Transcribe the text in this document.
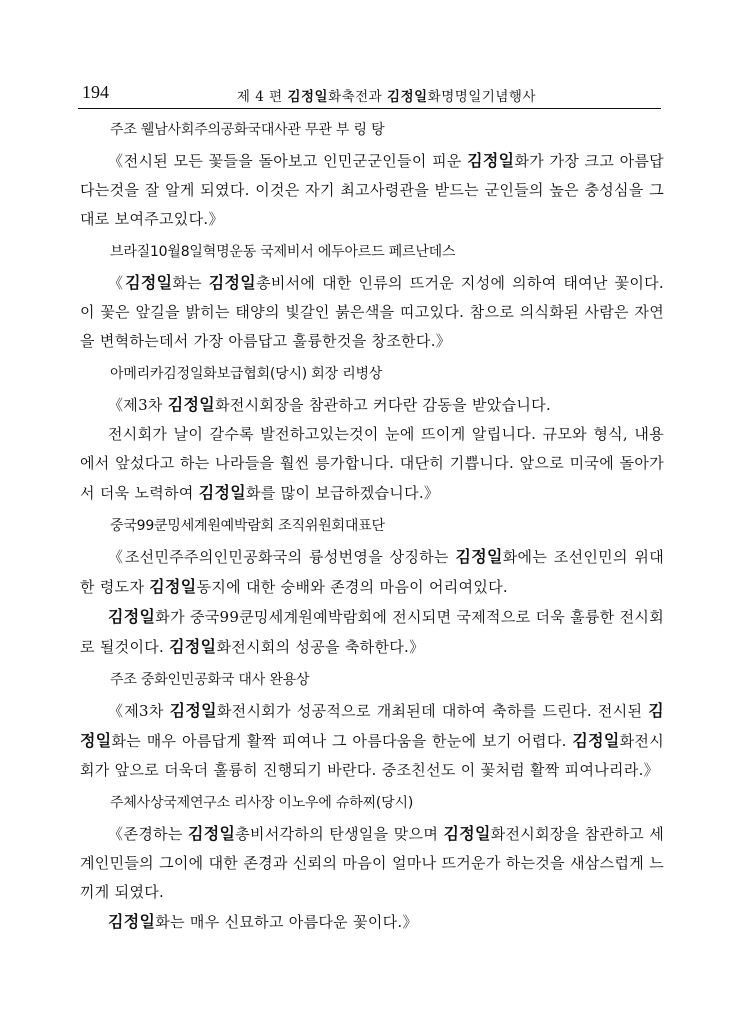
194	제 4 편 김정일화축전과 김정일화명명일기념행사
주조 웰남사회주의공화국대사관 무관 부 링 탕

《전시된 모든 꽃들을 돌아보고 인민군군인들이 피운 김정일화가 가장 크고 아름답다는것을 잘 알게 되였다. 이것은 자기 최고사령관을 받드는 군인들의 높은 충성심을 그대로 보여주고있다.》

브라질10월8일혁명운동 국제비서 에두아르드 페르난데스

《김정일화는 김정일총비서에 대한 인류의 뜨거운 지성에 의하여 태여난 꽃이다. 이 꽃은 앞길을 밝히는 태양의 빛갈인 붉은색을 띠고있다. 참으로 의식화된 사람은 자연을 변혁하는데서 가장 아름답고 훌륭한것을 창조한다.》

아메리카김정일화보급협회(당시) 회장 리병상

《제3차 김정일화전시회장을 참관하고 커다란 감동을 받았습니다.

전시회가 날이 갈수록 발전하고있는것이 눈에 뜨이게 알립니다. 규모와 형식, 내용에서 앞섰다고 하는 나라들을 훨씬 릉가합니다. 대단히 기쁩니다. 앞으로 미국에 돌아가서 더욱 노력하여 김정일화를 많이 보급하겠습니다.》

중국99쿤밍세계원예박람회 조직위원회대표단

《조선민주주의인민공화국의 륭성번영을 상징하는 김정일화에는 조선인민의 위대한 령도자 김정일동지에 대한 숭배와 존경의 마음이 어리여있다.

김정일화가 중국99쿤밍세계원예박람회에 전시되면 국제적으로 더욱 훌륭한 전시회로 될것이다. 김정일화전시회의 성공을 축하한다.》

주조 중화인민공화국 대사 완용상

《제3차 김정일화전시회가 성공적으로 개최된데 대하여 축하를 드린다. 전시된 김정일화는 매우 아름답게 활짝 피여나 그 아름다움을 한눈에 보기 어렵다. 김정일화전시회가 앞으로 더욱더 훌륭히 진행되기 바란다. 중조친선도 이 꽃처럼 활짝 피여나리라.》

주체사상국제연구소 리사장 이노우에 슈하찌(당시)

《존경하는 김정일총비서각하의 탄생일을 맞으며 김정일화전시회장을 참관하고 세계인민들의 그이에 대한 존경과 신뢰의 마음이 얼마나 뜨거운가 하는것을 새삼스럽게 느끼게 되였다.

김정일화는 매우 신묘하고 아름다운 꽃이다.》
